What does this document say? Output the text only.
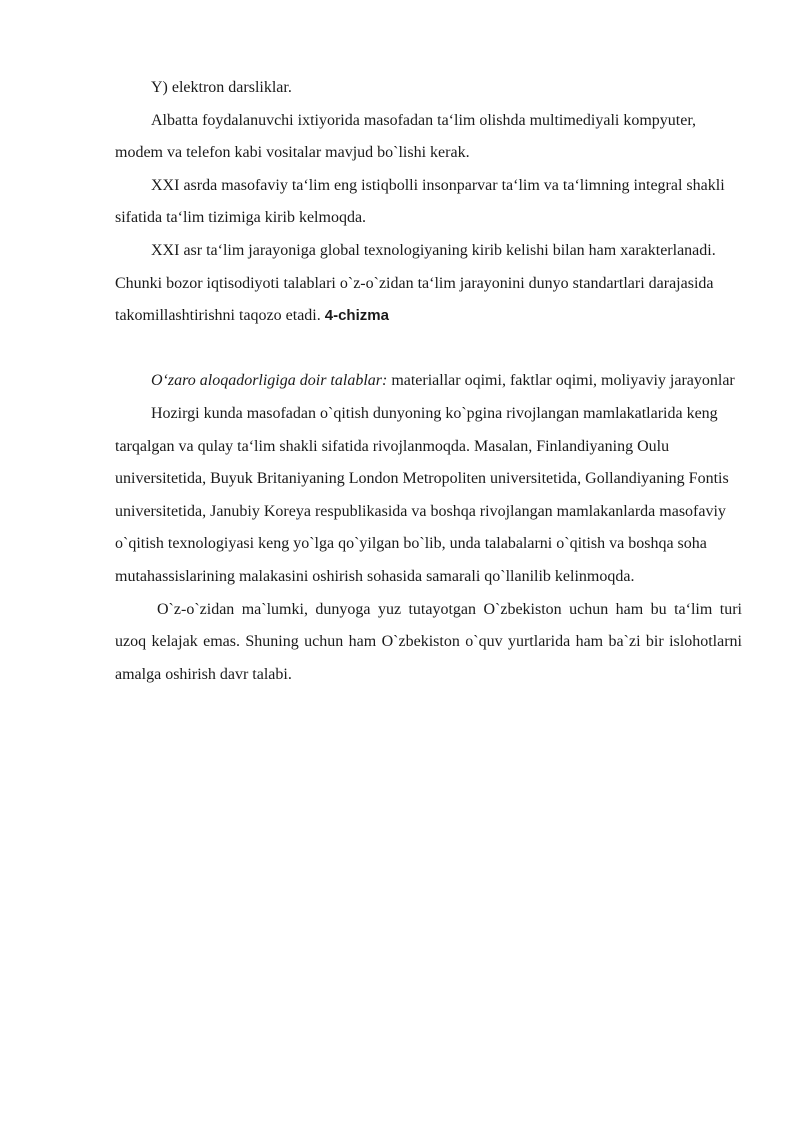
Y) elektron darsliklar.

Albatta foydalanuvchi ixtiyorida masofadan ta‘lim olishda multimediyali kompyuter, modem va telefon kabi vositalar mavjud bo`lishi kerak.

XXI asrda masofaviy ta‘lim eng istiqbolli insonparvar ta‘lim va ta‘limning integral shakli sifatida ta‘lim tizimiga kirib kelmoqda.

XXI asr ta‘lim jarayoniga global texnologiyaning kirib kelishi bilan ham xarakterlanadi. Chunki bozor iqtisodiyoti talablari o`z-o`zidan ta‘lim jarayonini dunyo standartlari darajasida takomillashtirishni taqozo etadi. 4-chizma

O‘zaro aloqadorligiga doir talablar: materiallar oqimi, faktlar oqimi, moliyaviy jarayonlar

Hozirgi kunda masofadan o`qitish dunyoning ko`pgina rivojlangan mamlakatlarida keng tarqalgan va qulay ta‘lim shakli sifatida rivojlanmoqda. Masalan, Finlandiyaning Oulu universitetida, Buyuk Britaniyaning London Metropoliten universitetida, Gollandiyaning Fontis universitetida, Janubiy Koreya respublikasida va boshqa rivojlangan mamlakanlarda masofaviy o`qitish texnologiyasi keng yo`lga qo`yilgan bo`lib, unda talabalarni o`qitish va boshqa soha mutahassislarining malakasini oshirish sohasida samarali qo`llanilib kelinmoqda.

O`z-o`zidan ma`lumki, dunyoga yuz tutayotgan O`zbekiston uchun ham bu ta‘lim turi uzoq kelajak emas. Shuning uchun ham O`zbekiston o`quv yurtlarida ham ba`zi bir islohotlarni amalga oshirish davr talabi.
